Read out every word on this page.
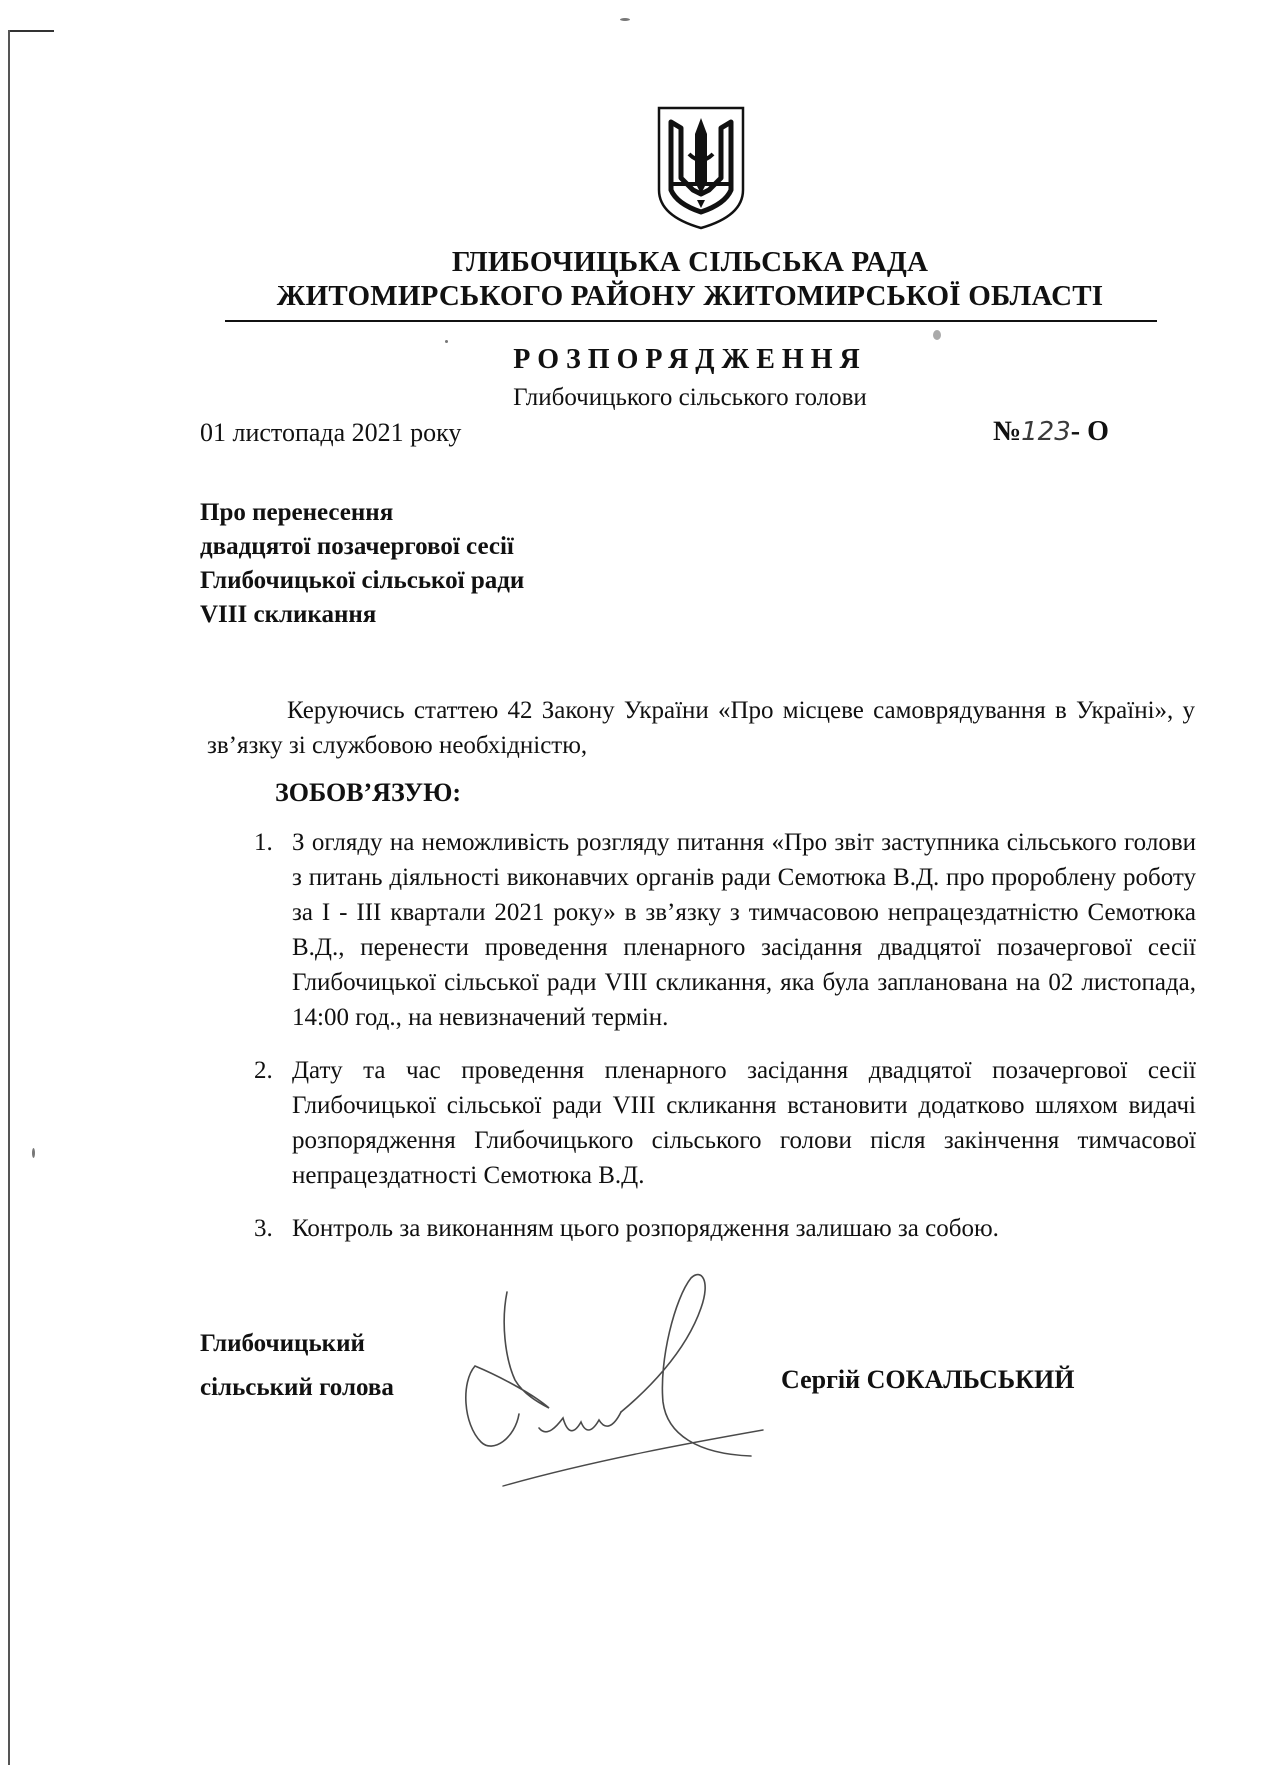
ГЛИБОЧИЦЬКА СІЛЬСЬКА РАДА
ЖИТОМИРСЬКОГО РАЙОНУ ЖИТОМИРСЬКОЇ ОБЛАСТІ
РОЗПОРЯДЖЕННЯ
Глибочицького сільського голови
01 листопада 2021 року	№123- О
Про перенесення
двадцятої позачергової сесії
Глибочицької сільської ради
VIII скликання
Керуючись статтею 42 Закону України «Про місцеве самоврядування в Україні», у зв’язку зі службовою необхідністю,
ЗОБОВ’ЯЗУЮ:
1. З огляду на неможливість розгляду питання «Про звіт заступника сільського голови з питань діяльності виконавчих органів ради Семотюка В.Д. про пророблену роботу за І - ІІІ квартали 2021 року» в зв’язку з тимчасовою непрацездатністю Семотюка В.Д., перенести проведення пленарного засідання двадцятої позачергової сесії Глибочицької сільської ради VІІІ скликання, яка була запланована на 02 листопада, 14:00 год., на невизначений термін.
2. Дату та час проведення пленарного засідання двадцятої позачергової сесії Глибочицької сільської ради VІІІ скликання встановити додатково шляхом видачі розпорядження Глибочицького сільського голови після закінчення тимчасової непрацездатності Семотюка В.Д.
3. Контроль за виконанням цього розпорядження залишаю за собою.
Глибочицький
сільський голова	Сергій СОКАЛЬСЬКИЙ
